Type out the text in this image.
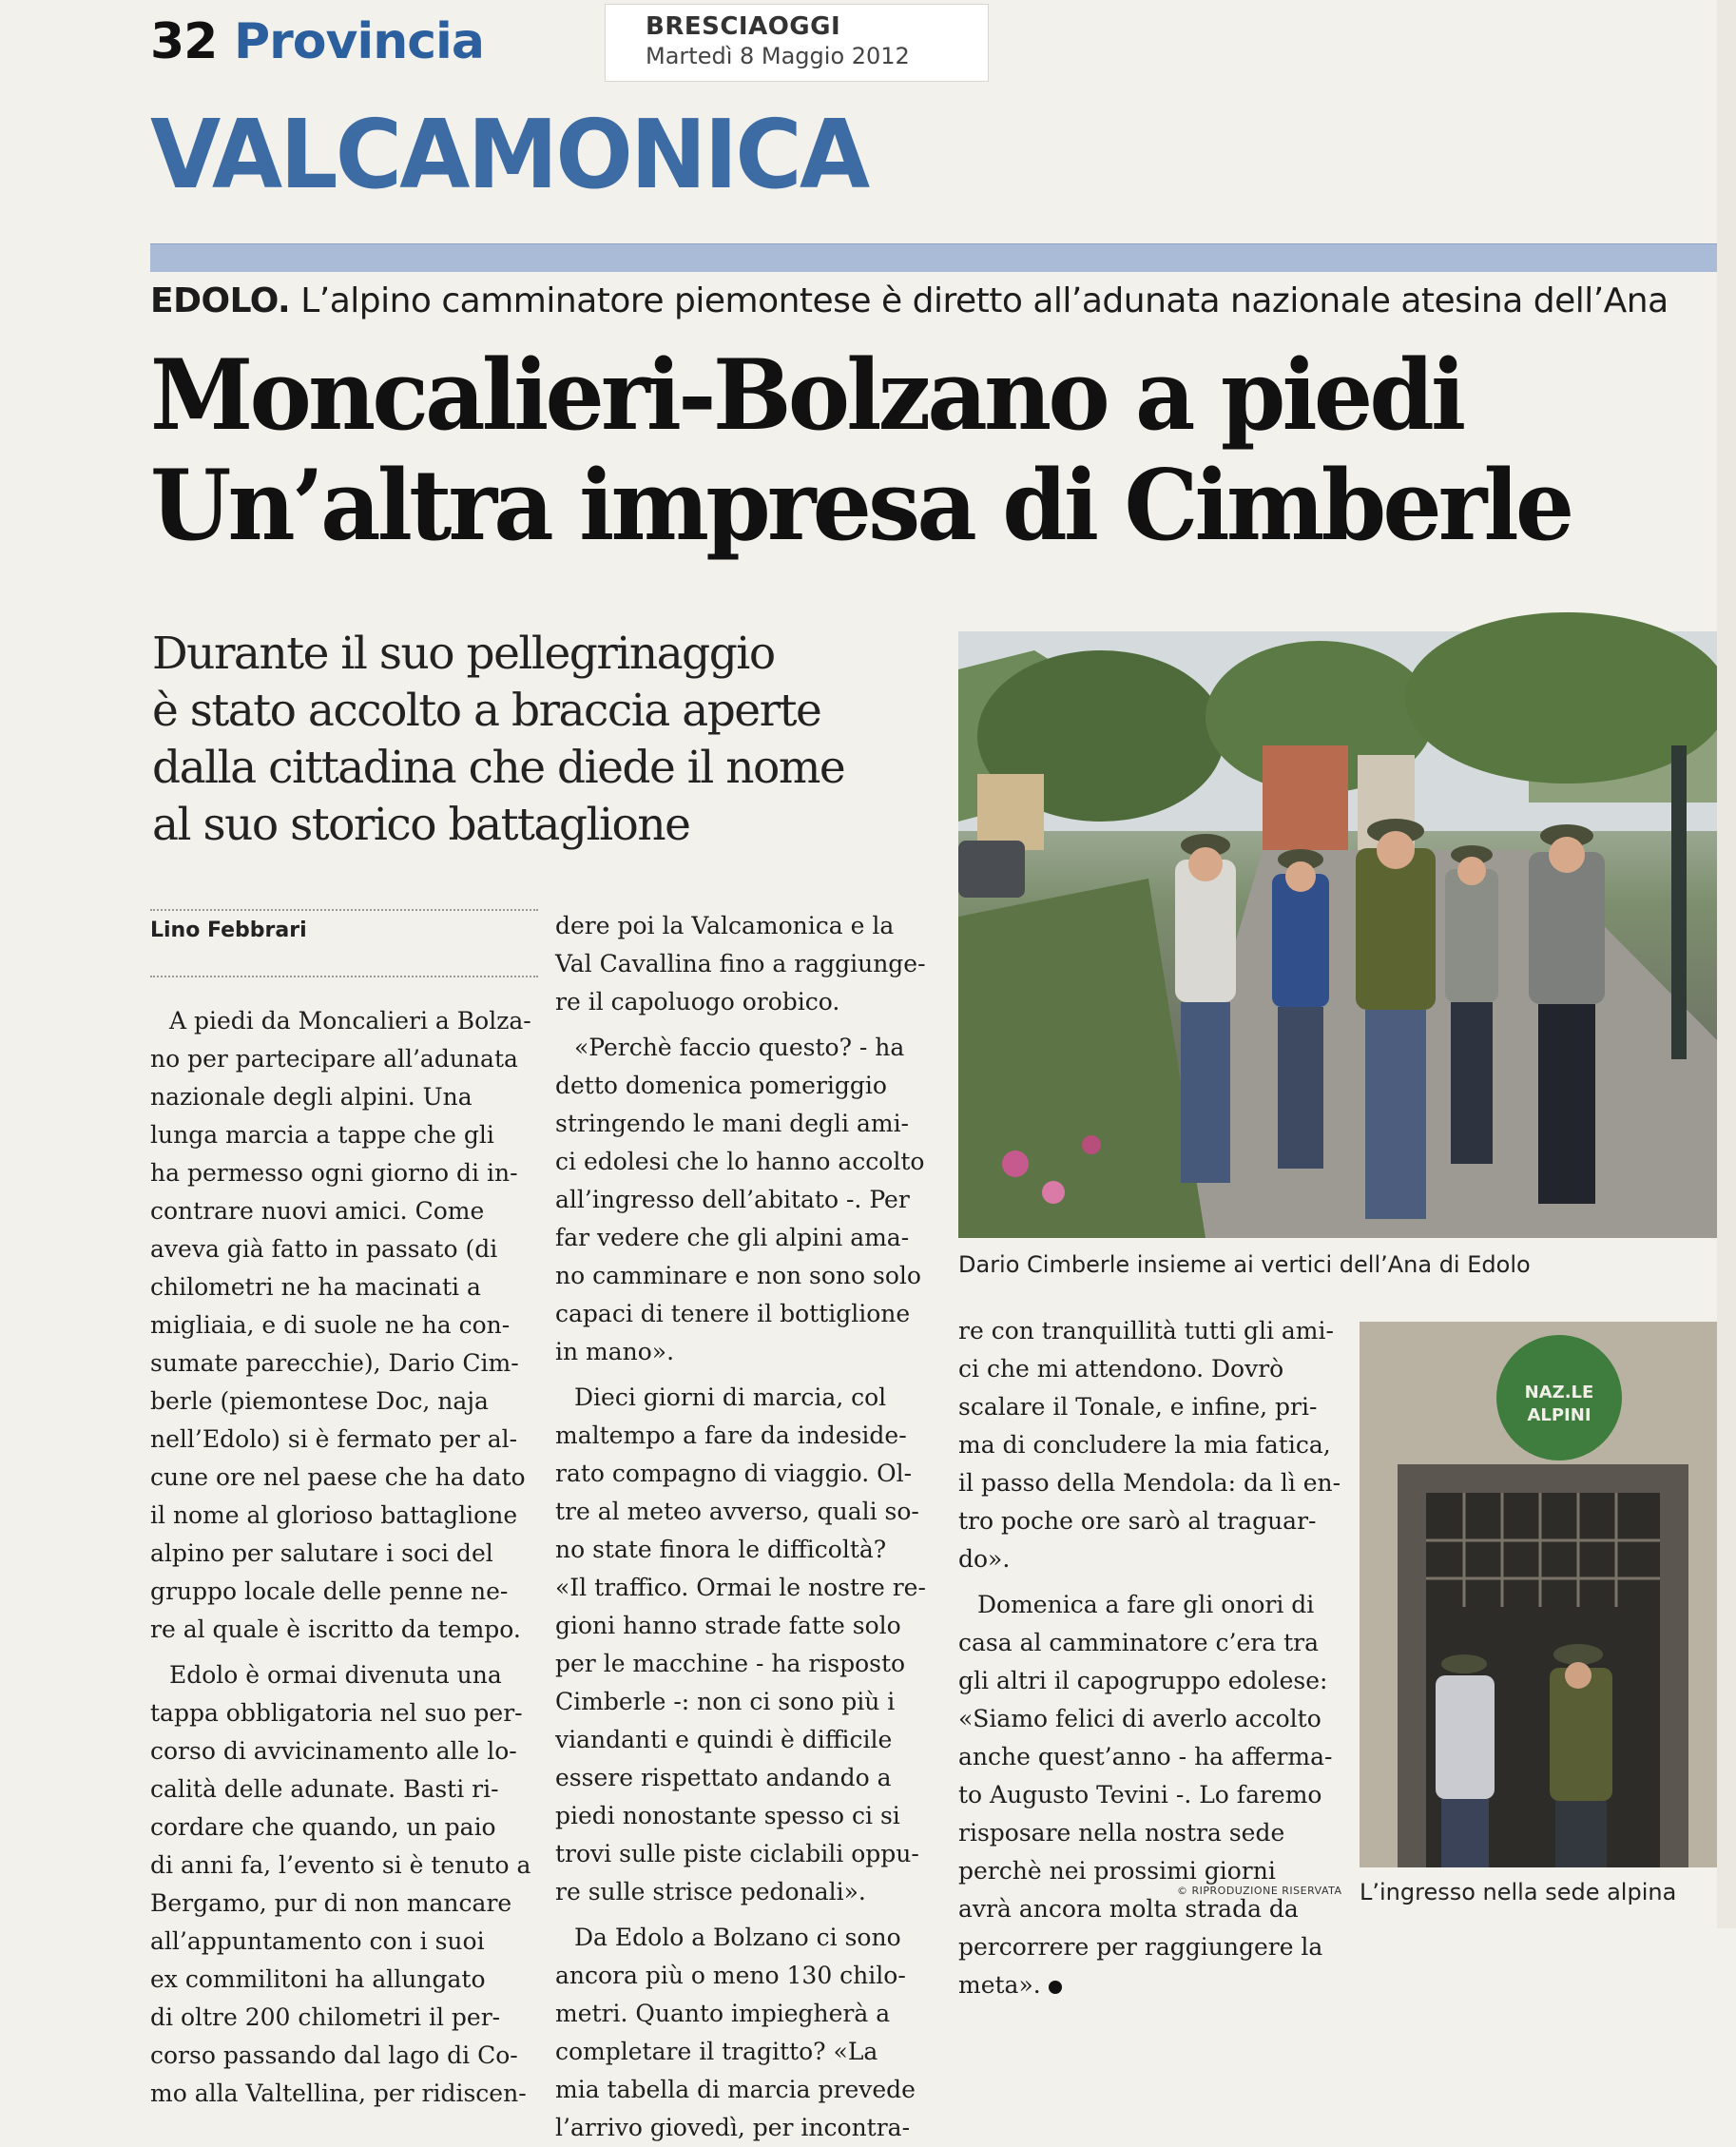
32 Provincia	BRESCIAOGGI
Martedì 8 Maggio 2012
VALCAMONICA
EDOLO. L’alpino camminatore piemontese è diretto all’adunata nazionale atesina dell’Ana
Moncalieri-Bolzano a piedi
Un’altra impresa di Cimberle
Durante il suo pellegrinaggio
è stato accolto a braccia aperte
dalla cittadina che diede il nome
al suo storico battaglione
Lino Febbrari
A piedi da Moncalieri a Bolza-
no per partecipare all’adunata
nazionale degli alpini. Una
lunga marcia a tappe che gli
ha permesso ogni giorno di in-
contrare nuovi amici. Come
aveva già fatto in passato (di
chilometri ne ha macinati a
migliaia, e di suole ne ha con-
sumate parecchie), Dario Cim-
berle (piemontese Doc, naja
nell’Edolo) si è fermato per al-
cune ore nel paese che ha dato
il nome al glorioso battaglione
alpino per salutare i soci del
gruppo locale delle penne ne-
re al quale è iscritto da tempo.
Edolo è ormai divenuta una
tappa obbligatoria nel suo per-
corso di avvicinamento alle lo-
calità delle adunate. Basti ri-
cordare che quando, un paio
di anni fa, l’evento si è tenuto a
Bergamo, pur di non mancare
all’appuntamento con i suoi
ex commilitoni ha allungato
di oltre 200 chilometri il per-
corso passando dal lago di Co-
mo alla Valtellina, per ridiscen-
dere poi la Valcamonica e la
Val Cavallina fino a raggiunge-
re il capoluogo orobico.
«Perchè faccio questo? - ha
detto domenica pomeriggio
stringendo le mani degli ami-
ci edolesi che lo hanno accolto
all’ingresso dell’abitato -. Per
far vedere che gli alpini ama-
no camminare e non sono solo
capaci di tenere il bottiglione
in mano».
Dieci giorni di marcia, col
maltempo a fare da indeside-
rato compagno di viaggio. Ol-
tre al meteo avverso, quali so-
no state finora le difficoltà?
«Il traffico. Ormai le nostre re-
gioni hanno strade fatte solo
per le macchine - ha risposto
Cimberle -: non ci sono più i
viandanti e quindi è difficile
essere rispettato andando a
piedi nonostante spesso ci si
trovi sulle piste ciclabili oppu-
re sulle strisce pedonali».
Da Edolo a Bolzano ci sono
ancora più o meno 130 chilo-
metri. Quanto impiegherà a
completare il tragitto? «La
mia tabella di marcia prevede
l’arrivo giovedì, per incontra-
re con tranquillità tutti gli ami-
ci che mi attendono. Dovrò
scalare il Tonale, e infine, pri-
ma di concludere la mia fatica,
il passo della Mendola: da lì en-
tro poche ore sarò al traguar-
do».
Domenica a fare gli onori di
casa al camminatore c’era tra
gli altri il capogruppo edolese:
«Siamo felici di averlo accolto
anche quest’anno - ha afferma-
to Augusto Tevini -. Lo faremo
risposare nella nostra sede
perchè nei prossimi giorni
avrà ancora molta strada da
percorrere per raggiungere la
meta».
Dario Cimberle insieme ai vertici dell’Ana di Edolo
NAZ.LE
ALPINI
L’ingresso nella sede alpina
© RIPRODUZIONE RISERVATA
